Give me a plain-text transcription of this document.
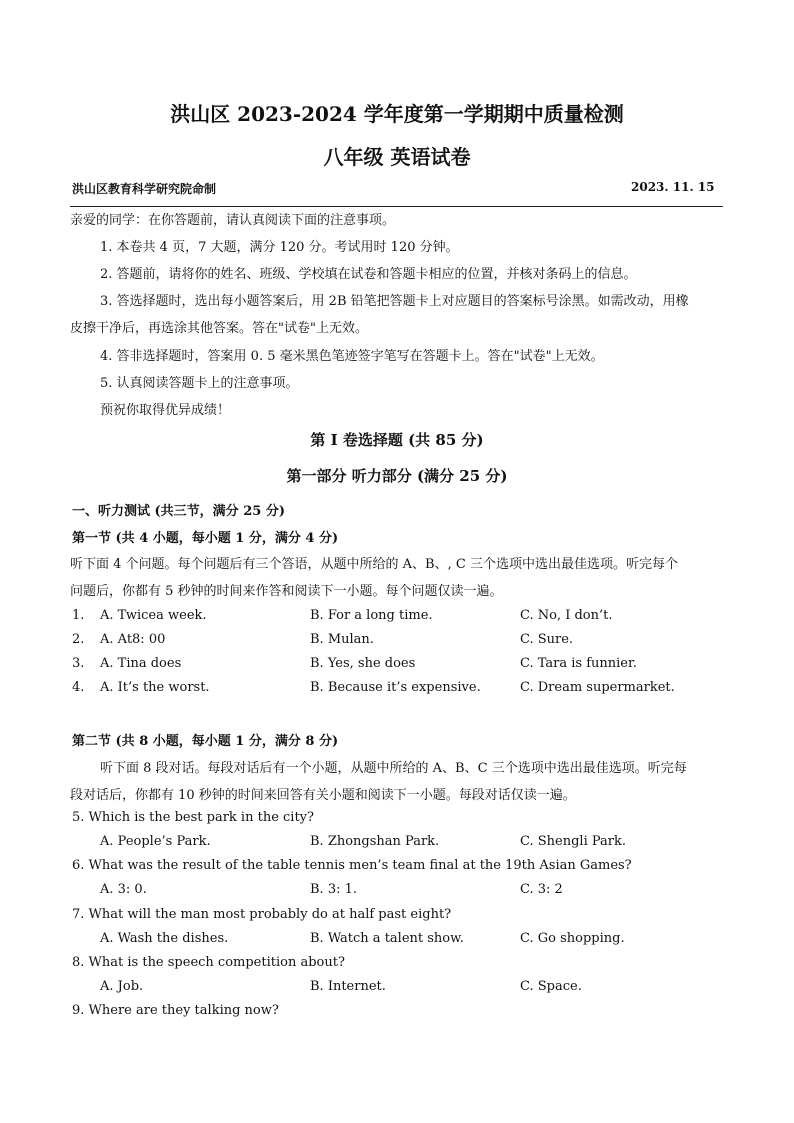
洪山区 2023-2024 学年度第一学期期中质量检测
八年级 英语试卷
洪山区教育科学研究院命制	2023. 11. 15
亲爱的同学：在你答题前，请认真阅读下面的注意事项。
1. 本卷共 4 页，7 大题，满分 120 分。考试用时 120 分钟。
2. 答题前，请将你的姓名、班级、学校填在试卷和答题卡相应的位置，并核对条码上的信息。
3. 答选择题时，选出每小题答案后，用 2B 铅笔把答题卡上对应题目的答案标号涂黑。如需改动，用橡
皮擦干净后，再选涂其他答案。答在"试卷"上无效。
4. 答非选择题时，答案用 0. 5 毫米黑色笔迹签字笔写在答题卡上。答在"试卷"上无效。
5. 认真阅读答题卡上的注意事项。
预祝你取得优异成绩！
第 I 卷选择题 (共 85 分)
第一部分 听力部分 (满分 25 分)
一、听力测试 (共三节，满分 25 分)
第一节 (共 4 小题，每小题 1 分，满分 4 分)
听下面 4 个问题。每个问题后有三个答语，从题中所给的 A、B、, C 三个选项中选出最佳选项。听完每个
问题后，你都有 5 秒钟的时间来作答和阅读下一小题。每个问题仅读一遍。
1. A. Twicea week.	B. For a long time.	C. No, I don’t.
2. A. At8: 00	B. Mulan.	C. Sure.
3. A. Tina does	B. Yes, she does	C. Tara is funnier.
4. A. It’s the worst.	B. Because it’s expensive.	C. Dream supermarket.
第二节 (共 8 小题，每小题 1 分，满分 8 分)
听下面 8 段对话。每段对话后有一个小题，从题中所给的 A、B、C 三个选项中选出最佳选项。听完每
段对话后，你都有 10 秒钟的时间来回答有关小题和阅读下一小题。每段对话仅读一遍。
5. Which is the best park in the city?
A. People’s Park.	B. Zhongshan Park.	C. Shengli Park.
6. What was the result of the table tennis men’s team final at the 19th Asian Games?
A. 3: 0.	B. 3: 1.	C. 3: 2
7. What will the man most probably do at half past eight?
A. Wash the dishes.	B. Watch a talent show.	C. Go shopping.
8. What is the speech competition about?
A. Job.	B. Internet.	C. Space.
9. Where are they talking now?
